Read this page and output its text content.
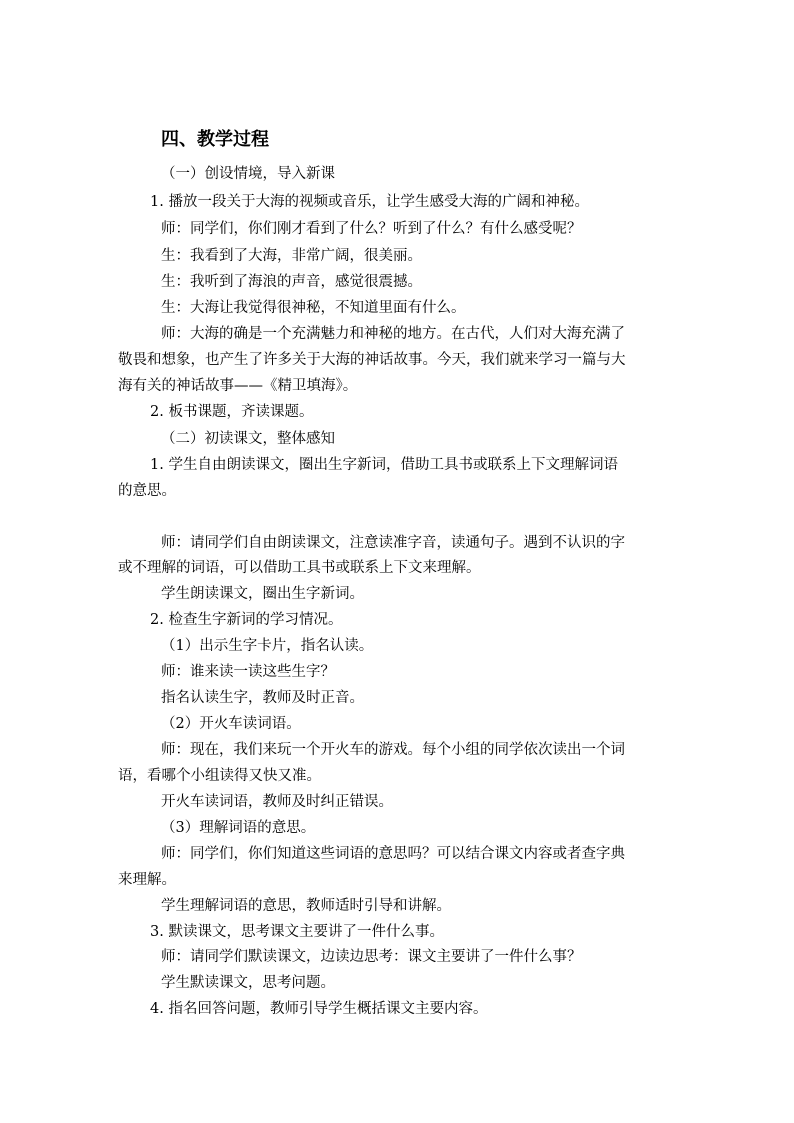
四、教学过程
（一）创设情境，导入新课
1. 播放一段关于大海的视频或音乐，让学生感受大海的广阔和神秘。
师：同学们，你们刚才看到了什么？听到了什么？有什么感受呢？
生：我看到了大海，非常广阔，很美丽。
生：我听到了海浪的声音，感觉很震撼。
生：大海让我觉得很神秘，不知道里面有什么。
师：大海的确是一个充满魅力和神秘的地方。在古代，人们对大海充满了
敬畏和想象，也产生了许多关于大海的神话故事。今天，我们就来学习一篇与大
海有关的神话故事——《精卫填海》。
2. 板书课题，齐读课题。
（二）初读课文，整体感知
1. 学生自由朗读课文，圈出生字新词，借助工具书或联系上下文理解词语
的意思。
师：请同学们自由朗读课文，注意读准字音，读通句子。遇到不认识的字
或不理解的词语，可以借助工具书或联系上下文来理解。
学生朗读课文，圈出生字新词。
2. 检查生字新词的学习情况。
（1）出示生字卡片，指名认读。
师：谁来读一读这些生字？
指名认读生字，教师及时正音。
（2）开火车读词语。
师：现在，我们来玩一个开火车的游戏。每个小组的同学依次读出一个词
语，看哪个小组读得又快又准。
开火车读词语，教师及时纠正错误。
（3）理解词语的意思。
师：同学们，你们知道这些词语的意思吗？可以结合课文内容或者查字典
来理解。
学生理解词语的意思，教师适时引导和讲解。
3. 默读课文，思考课文主要讲了一件什么事。
师：请同学们默读课文，边读边思考：课文主要讲了一件什么事？
学生默读课文，思考问题。
4. 指名回答问题，教师引导学生概括课文主要内容。
